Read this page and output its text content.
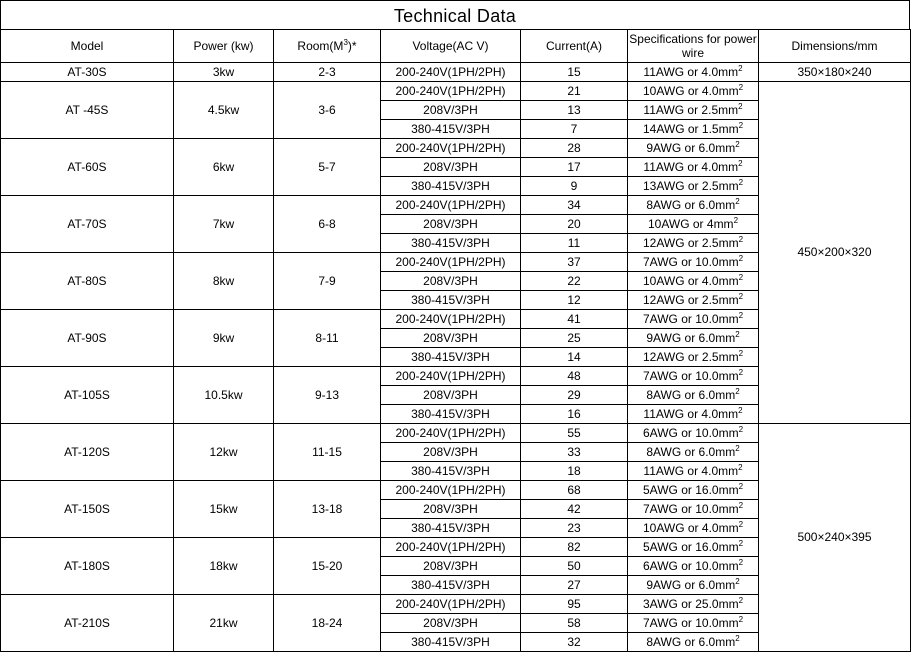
Technical Data
Model	Power (kw)	$Room(M^3)*$	Voltage(AC V)	Current(A)	Specifications for power wire	Dimensions/mm
AT-30S	3kw	2-3	200-240V(1PH/2PH)	15	11AWG or $4.0mm^2$	350×180×240
AT -45S	4.5kw	3-6	200-240V(1PH/2PH)	21	10AWG or $4.0mm^2$	450×200×320
			208V/3PH	13	11AWG or $2.5mm^2$
			380-415V/3PH	7	14AWG or $1.5mm^2$
AT-60S	6kw	5-7	200-240V(1PH/2PH)	28	9AWG or $6.0mm^2$
			208V/3PH	17	11AWG or $4.0mm^2$
			380-415V/3PH	9	13AWG or $2.5mm^2$
AT-70S	7kw	6-8	200-240V(1PH/2PH)	34	8AWG or $6.0mm^2$
			208V/3PH	20	10AWG or $4mm^2$
			380-415V/3PH	11	12AWG or $2.5mm^2$
AT-80S	8kw	7-9	200-240V(1PH/2PH)	37	7AWG or $10.0mm^2$
			208V/3PH	22	10AWG or $4.0mm^2$
			380-415V/3PH	12	12AWG or $2.5mm^2$
AT-90S	9kw	8-11	200-240V(1PH/2PH)	41	7AWG or $10.0mm^2$
			208V/3PH	25	9AWG or $6.0mm^2$
			380-415V/3PH	14	12AWG or $2.5mm^2$
AT-105S	10.5kw	9-13	200-240V(1PH/2PH)	48	7AWG or $10.0mm^2$
			208V/3PH	29	8AWG or $6.0mm^2$
			380-415V/3PH	16	11AWG or $4.0mm^2$
AT-120S	12kw	11-15	200-240V(1PH/2PH)	55	6AWG or $10.0mm^2$	500×240×395
			208V/3PH	33	8AWG or $6.0mm^2$
			380-415V/3PH	18	11AWG or $4.0mm^2$
AT-150S	15kw	13-18	200-240V(1PH/2PH)	68	5AWG or $16.0mm^2$
			208V/3PH	42	7AWG or $10.0mm^2$
			380-415V/3PH	23	10AWG or $4.0mm^2$
AT-180S	18kw	15-20	200-240V(1PH/2PH)	82	5AWG or $16.0mm^2$
			208V/3PH	50	6AWG or $10.0mm^2$
			380-415V/3PH	27	9AWG or $6.0mm^2$
AT-210S	21kw	18-24	200-240V(1PH/2PH)	95	3AWG or $25.0mm^2$
			208V/3PH	58	7AWG or $10.0mm^2$
			380-415V/3PH	32	8AWG or $6.0mm^2$
